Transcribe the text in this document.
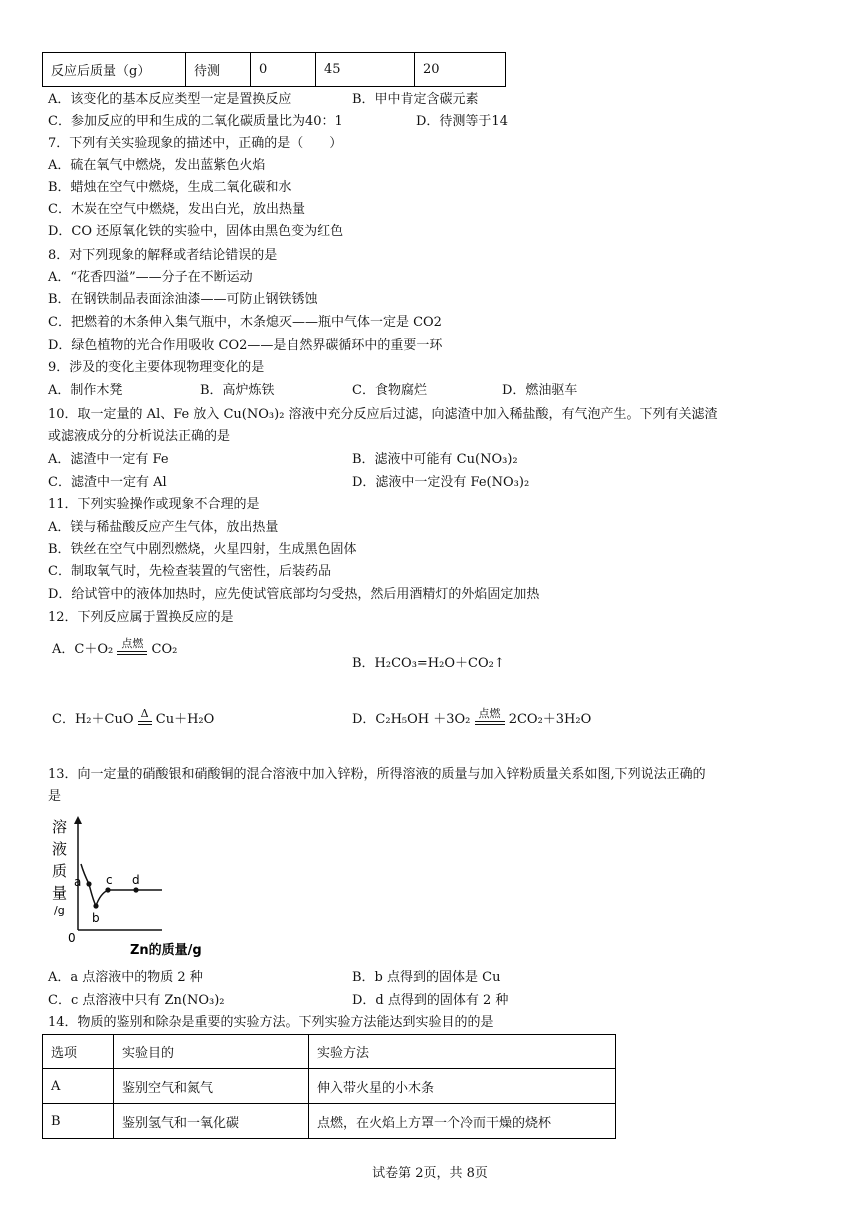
反应后质量（g）	待测	0	45	20
A．该变化的基本反应类型一定是置换反应	B．甲中肯定含碳元素
C．参加反应的甲和生成的二氧化碳质量比为40：1	D．待测等于14
7．下列有关实验现象的描述中，正确的是（　　）
A．硫在氧气中燃烧，发出蓝紫色火焰
B．蜡烛在空气中燃烧，生成二氧化碳和水
C．木炭在空气中燃烧，发出白光，放出热量
D．CO 还原氧化铁的实验中，固体由黑色变为红色
8．对下列现象的解释或者结论错误的是
A．“花香四溢”——分子在不断运动
B．在钢铁制品表面涂油漆——可防止钢铁锈蚀
C．把燃着的木条伸入集气瓶中，木条熄灭——瓶中气体一定是 CO2
D．绿色植物的光合作用吸收 CO2——是自然界碳循环中的重要一环
9．涉及的变化主要体现物理变化的是
A．制作木凳	B．高炉炼铁	C．食物腐烂	D．燃油驱车
10．取一定量的 Al、Fe 放入 Cu(NO₃)₂ 溶液中充分反应后过滤，向滤渣中加入稀盐酸，有气泡产生。下列有关滤渣
或滤液成分的分析说法正确的是
A．滤渣中一定有 Fe	B．滤液中可能有 Cu(NO₃)₂
C．滤渣中一定有 Al	D．滤液中一定没有 Fe(NO₃)₂
11．下列实验操作或现象不合理的是
A．镁与稀盐酸反应产生气体，放出热量
B．铁丝在空气中剧烈燃烧，火星四射，生成黑色固体
C．制取氧气时，先检查装置的气密性，后装药品
D．给试管中的液体加热时，应先使试管底部均匀受热，然后用酒精灯的外焰固定加热
12．下列反应属于置换反应的是
A．C＋O₂ 点燃 CO₂
B．H₂CO₃=H₂O＋CO₂↑
C．H₂＋CuO Δ Cu＋H₂O	D．C₂H₅OH ＋3O₂ 点燃 2CO₂＋3H₂O
13．向一定量的硝酸银和硝酸铜的混合溶液中加入锌粉，所得溶液的质量与加入锌粉质量关系如图,下列说法正确的
是
溶
液
质
量
/g
0
a
b
c d
Zn的质量/g
A．a 点溶液中的物质 2 种	B．b 点得到的固体是 Cu
C．c 点溶液中只有 Zn(NO₃)₂	D．d 点得到的固体有 2 种
14．物质的鉴别和除杂是重要的实验方法。下列实验方法能达到实验目的的是
选项	实验目的	实验方法
A	鉴别空气和氮气	伸入带火星的小木条
B	鉴别氢气和一氧化碳	点燃，在火焰上方罩一个冷而干燥的烧杯
试卷第 2页，共 8页
